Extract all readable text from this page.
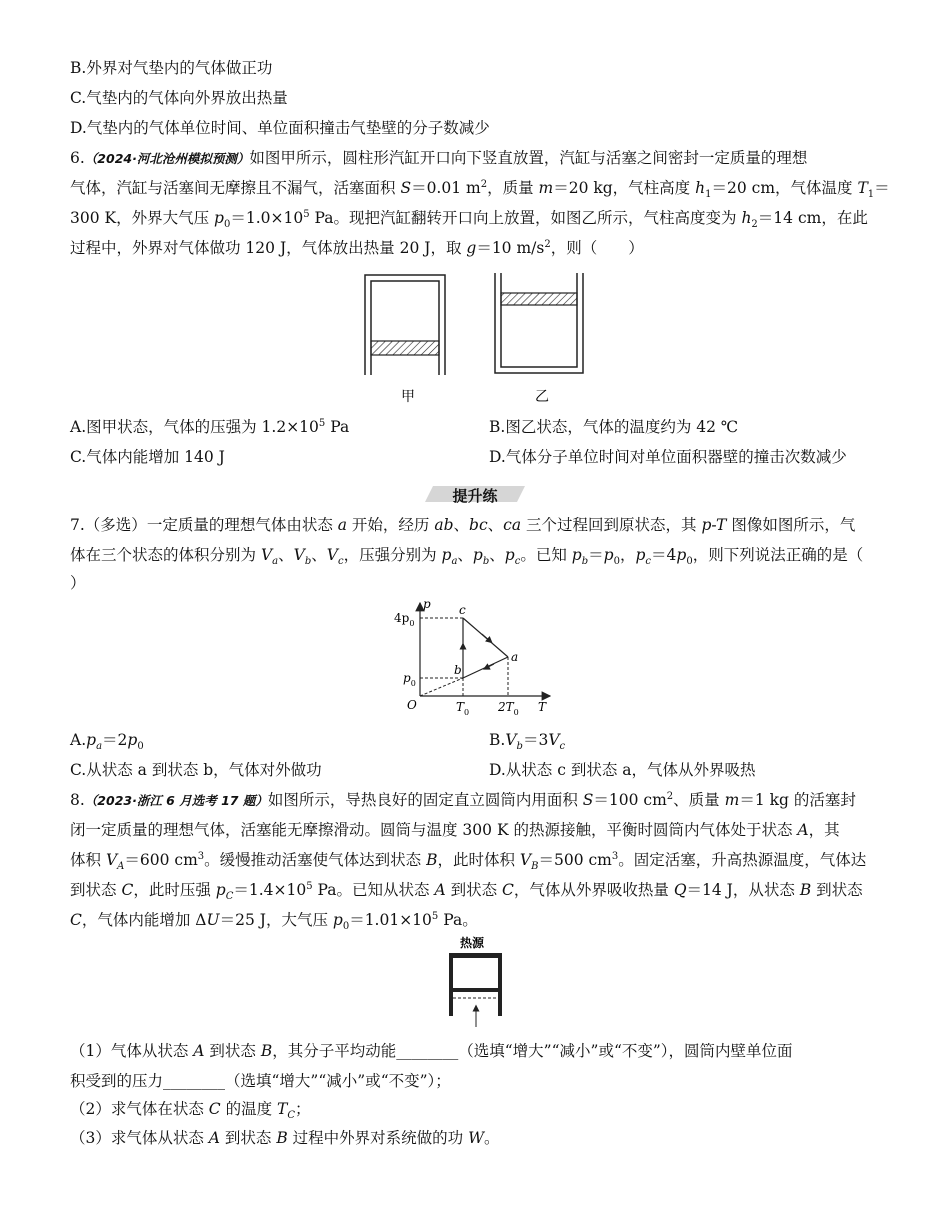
B.外界对气垫内的气体做正功
C.气垫内的气体向外界放出热量
D.气垫内的气体单位时间、单位面积撞击气垫壁的分子数减少
6.（2024·河北沧州模拟预测）如图甲所示，圆柱形汽缸开口向下竖直放置，汽缸与活塞之间密封一定质量的理想
气体，汽缸与活塞间无摩擦且不漏气，活塞面积 S＝0.01 $m^2$，质量 m＝20 kg，气柱高度 $h_1=20$ cm，气体温度 $T_1=$
300 K，外界大气压 $p_0=1.0\times 10^5$ Pa。现把汽缸翻转开口向上放置，如图乙所示，气柱高度变为 $h_2=14$ cm，在此
过程中，外界对气体做功 120 J，气体放出热量 20 J，取 g＝10 $m/s^2$，则（　　）
甲	乙
A.图甲状态，气体的压强为 $1.2\times 10^5$ Pa	B.图乙状态，气体的温度约为 42 ℃
C.气体内能增加 140 J	D.气体分子单位时间对单位面积器壁的撞击次数减少
提升练
7.（多选）一定质量的理想气体由状态 a 开始，经历 ab、bc、ca 三个过程回到原状态，其 p-T 图像如图所示，气
体在三个状态的体积分别为 $V_a$、$V_b$、$V_c$，压强分别为 $p_a$、$p_b$、$p_c$。已知 $p_b=p_0$，$p_c=4p_0$，则下列说法正确的是（
）
p
T
O
$4p_0$
$p_0$
$T_0$ $2T_0$
c
b
a
$A.p_a=2p_0$	$B.V_b=3V_c$
C.从状态 a 到状态 b，气体对外做功	D.从状态 c 到状态 a，气体从外界吸热
8.（2023·浙江 6 月选考 17 题）如图所示，导热良好的固定直立圆筒内用面积 S＝100 $cm^2$、质量 m＝1 kg 的活塞封
闭一定质量的理想气体，活塞能无摩擦滑动。圆筒与温度 300 K 的热源接触，平衡时圆筒内气体处于状态 A，其
体积 $V_A=600$ $cm^3$。缓慢推动活塞使气体达到状态 B，此时体积 $V_B=500$ $cm^3$。固定活塞，升高热源温度，气体达
到状态 C，此时压强 $p_C=1.4\times 10^5$ Pa。已知从状态 A 到状态 C，气体从外界吸收热量 Q＝14 J，从状态 B 到状态
C，气体内能增加 ΔU＝25 J，大气压 $p_0=1.01\times 10^5$ Pa。
热源
（1）气体从状态 A 到状态 B，其分子平均动能________（选填“增大”“减小”或“不变”），圆筒内壁单位面
积受到的压力________（选填“增大”“减小”或“不变”）；
（2）求气体在状态 C 的温度 $T_C$；
（3）求气体从状态 A 到状态 B 过程中外界对系统做的功 W。
